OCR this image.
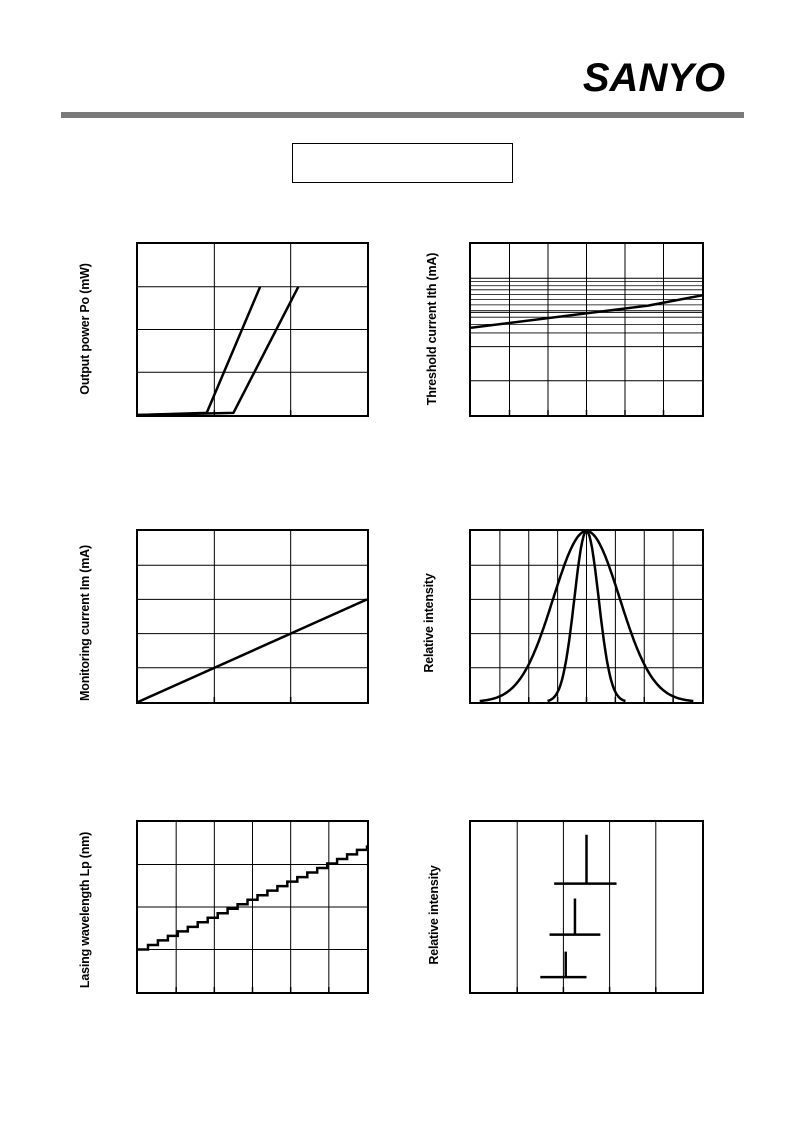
SANYO
Output power Po (mW)	Threshold current Ith (mA)
Monitoring current Im (mA)	Relative intensity
Lasing wavelength Lp (nm)	Relative intensity
